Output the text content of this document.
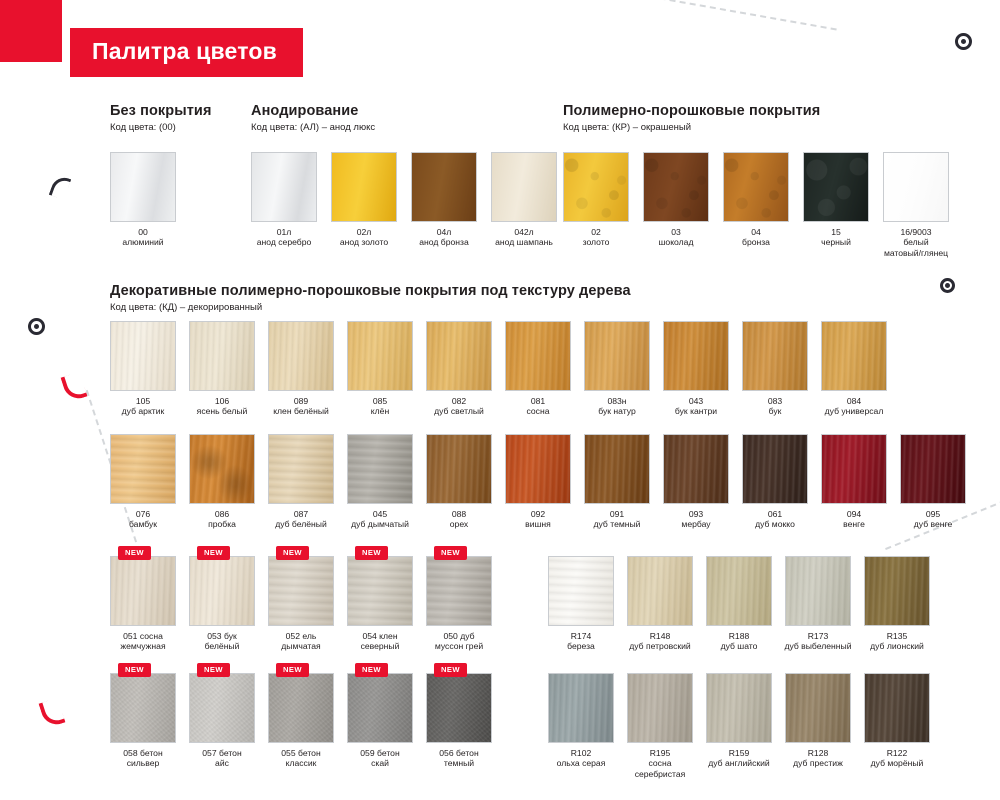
Палитра цветов
Без покрытия
Код цвета: (00)
00
алюминий
Анодирование
Код цвета: (АЛ) – анод люкс
01л
анод серебро
02л
анод золото
04л
анод бронза
042л
анод шампань
Полимерно-порошковые покрытия
Код цвета: (КР) – окрашеный
02
золото
03
шоколад
04
бронза
15
черный
16/9003
белый
матовый/глянец
Декоративные полимерно-порошковые покрытия под текстуру дерева
Код цвета: (КД) – декорированный
105
дуб арктик
106
ясень белый
089
клен белёный
085
клён
082
дуб светлый
081
сосна
083н
бук натур
043
бук кантри
083
бук
084
дуб универсал
076
бамбук
086
пробка
087
дуб белёный
045
дуб дымчатый
088
орех
092
вишня
091
дуб темный
093
мербау
061
дуб мокко
094
венге
095
дуб венге
NEW
051 сосна
жемчужная
NEW
053 бук
белёный
NEW
052 ель
дымчатая
NEW
054 клен
северный
NEW
050 дуб
муссон грей
NEW
058 бетон
сильвер
NEW
057 бетон
айс
NEW
055 бетон
классик
NEW
059 бетон
скай
NEW
056 бетон
темный
R174
береза
R148
дуб петровский
R188
дуб шато
R173
дуб выбеленный
R135
дуб лионский
R102
ольха серая
R195
сосна
серебристая
R159
дуб английский
R128
дуб престиж
R122
дуб морёный
